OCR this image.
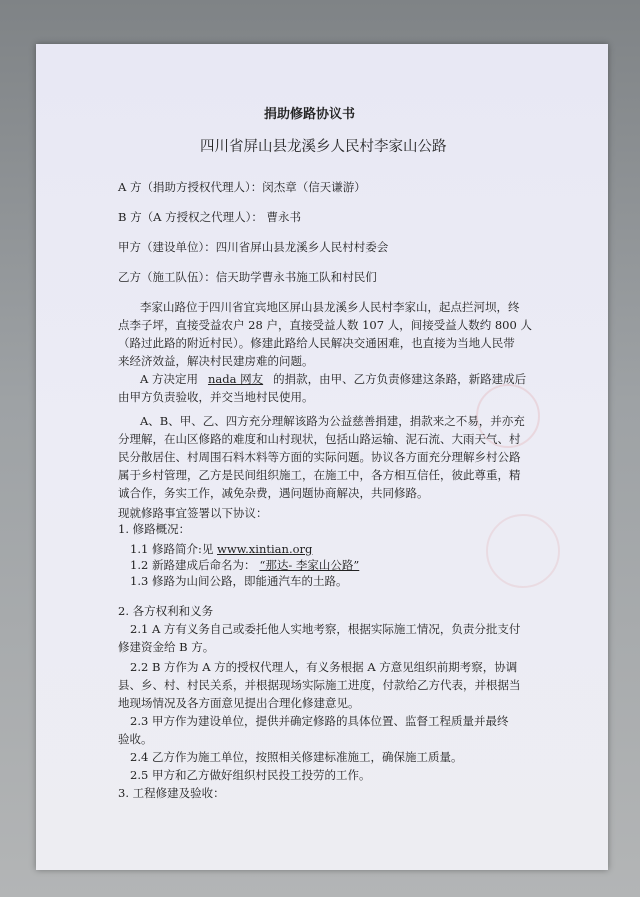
捐助修路协议书
四川省屏山县龙溪乡人民村李家山公路
A 方（捐助方授权代理人）：闵杰章（信天谦游）
B 方（A 方授权之代理人）： 曹永书
甲方（建设单位）：四川省屏山县龙溪乡人民村村委会
乙方（施工队伍）：信天助学曹永书施工队和村民们
李家山路位于四川省宜宾地区屏山县龙溪乡人民村李家山，起点拦河坝，终
点李子坪，直接受益农户 28 户，直接受益人数 107 人，间接受益人数约 800 人
（路过此路的附近村民）。修建此路给人民解决交通困难，也直接为当地人民带
来经济效益，解决村民建房难的问题。
A 方决定用 nada 网友 的捐款，由甲、乙方负责修建这条路，新路建成后
由甲方负责验收，并交当地村民使用。
A、B、甲、乙、四方充分理解该路为公益慈善捐建，捐款来之不易，并亦充
分理解，在山区修路的难度和山村现状，包括山路运输、泥石流、大雨天气、村
民分散居住、村周围石料木料等方面的实际问题。协议各方面充分理解乡村公路
属于乡村管理，乙方是民间组织施工，在施工中，各方相互信任，彼此尊重，精
诚合作，务实工作，减免杂费，遇问题协商解决，共同修路。
现就修路事宜签署以下协议：
1. 修路概况：
1.1 修路简介:见 www.xintian.org
1.2 新路建成后命名为： “那达- 李家山公路”
1.3 修路为山间公路，即能通汽车的土路。
2. 各方权利和义务
2.1 A 方有义务自己或委托他人实地考察，根据实际施工情况，负责分批支付
修建资金给 B 方。
2.2 B 方作为 A 方的授权代理人，有义务根据 A 方意见组织前期考察，协调
县、乡、村、村民关系，并根据现场实际施工进度，付款给乙方代表，并根据当
地现场情况及各方面意见提出合理化修建意见。
2.3 甲方作为建设单位，提供并确定修路的具体位置、监督工程质量并最终
验收。
2.4 乙方作为施工单位，按照相关修建标准施工，确保施工质量。
2.5 甲方和乙方做好组织村民投工投劳的工作。
3. 工程修建及验收：
